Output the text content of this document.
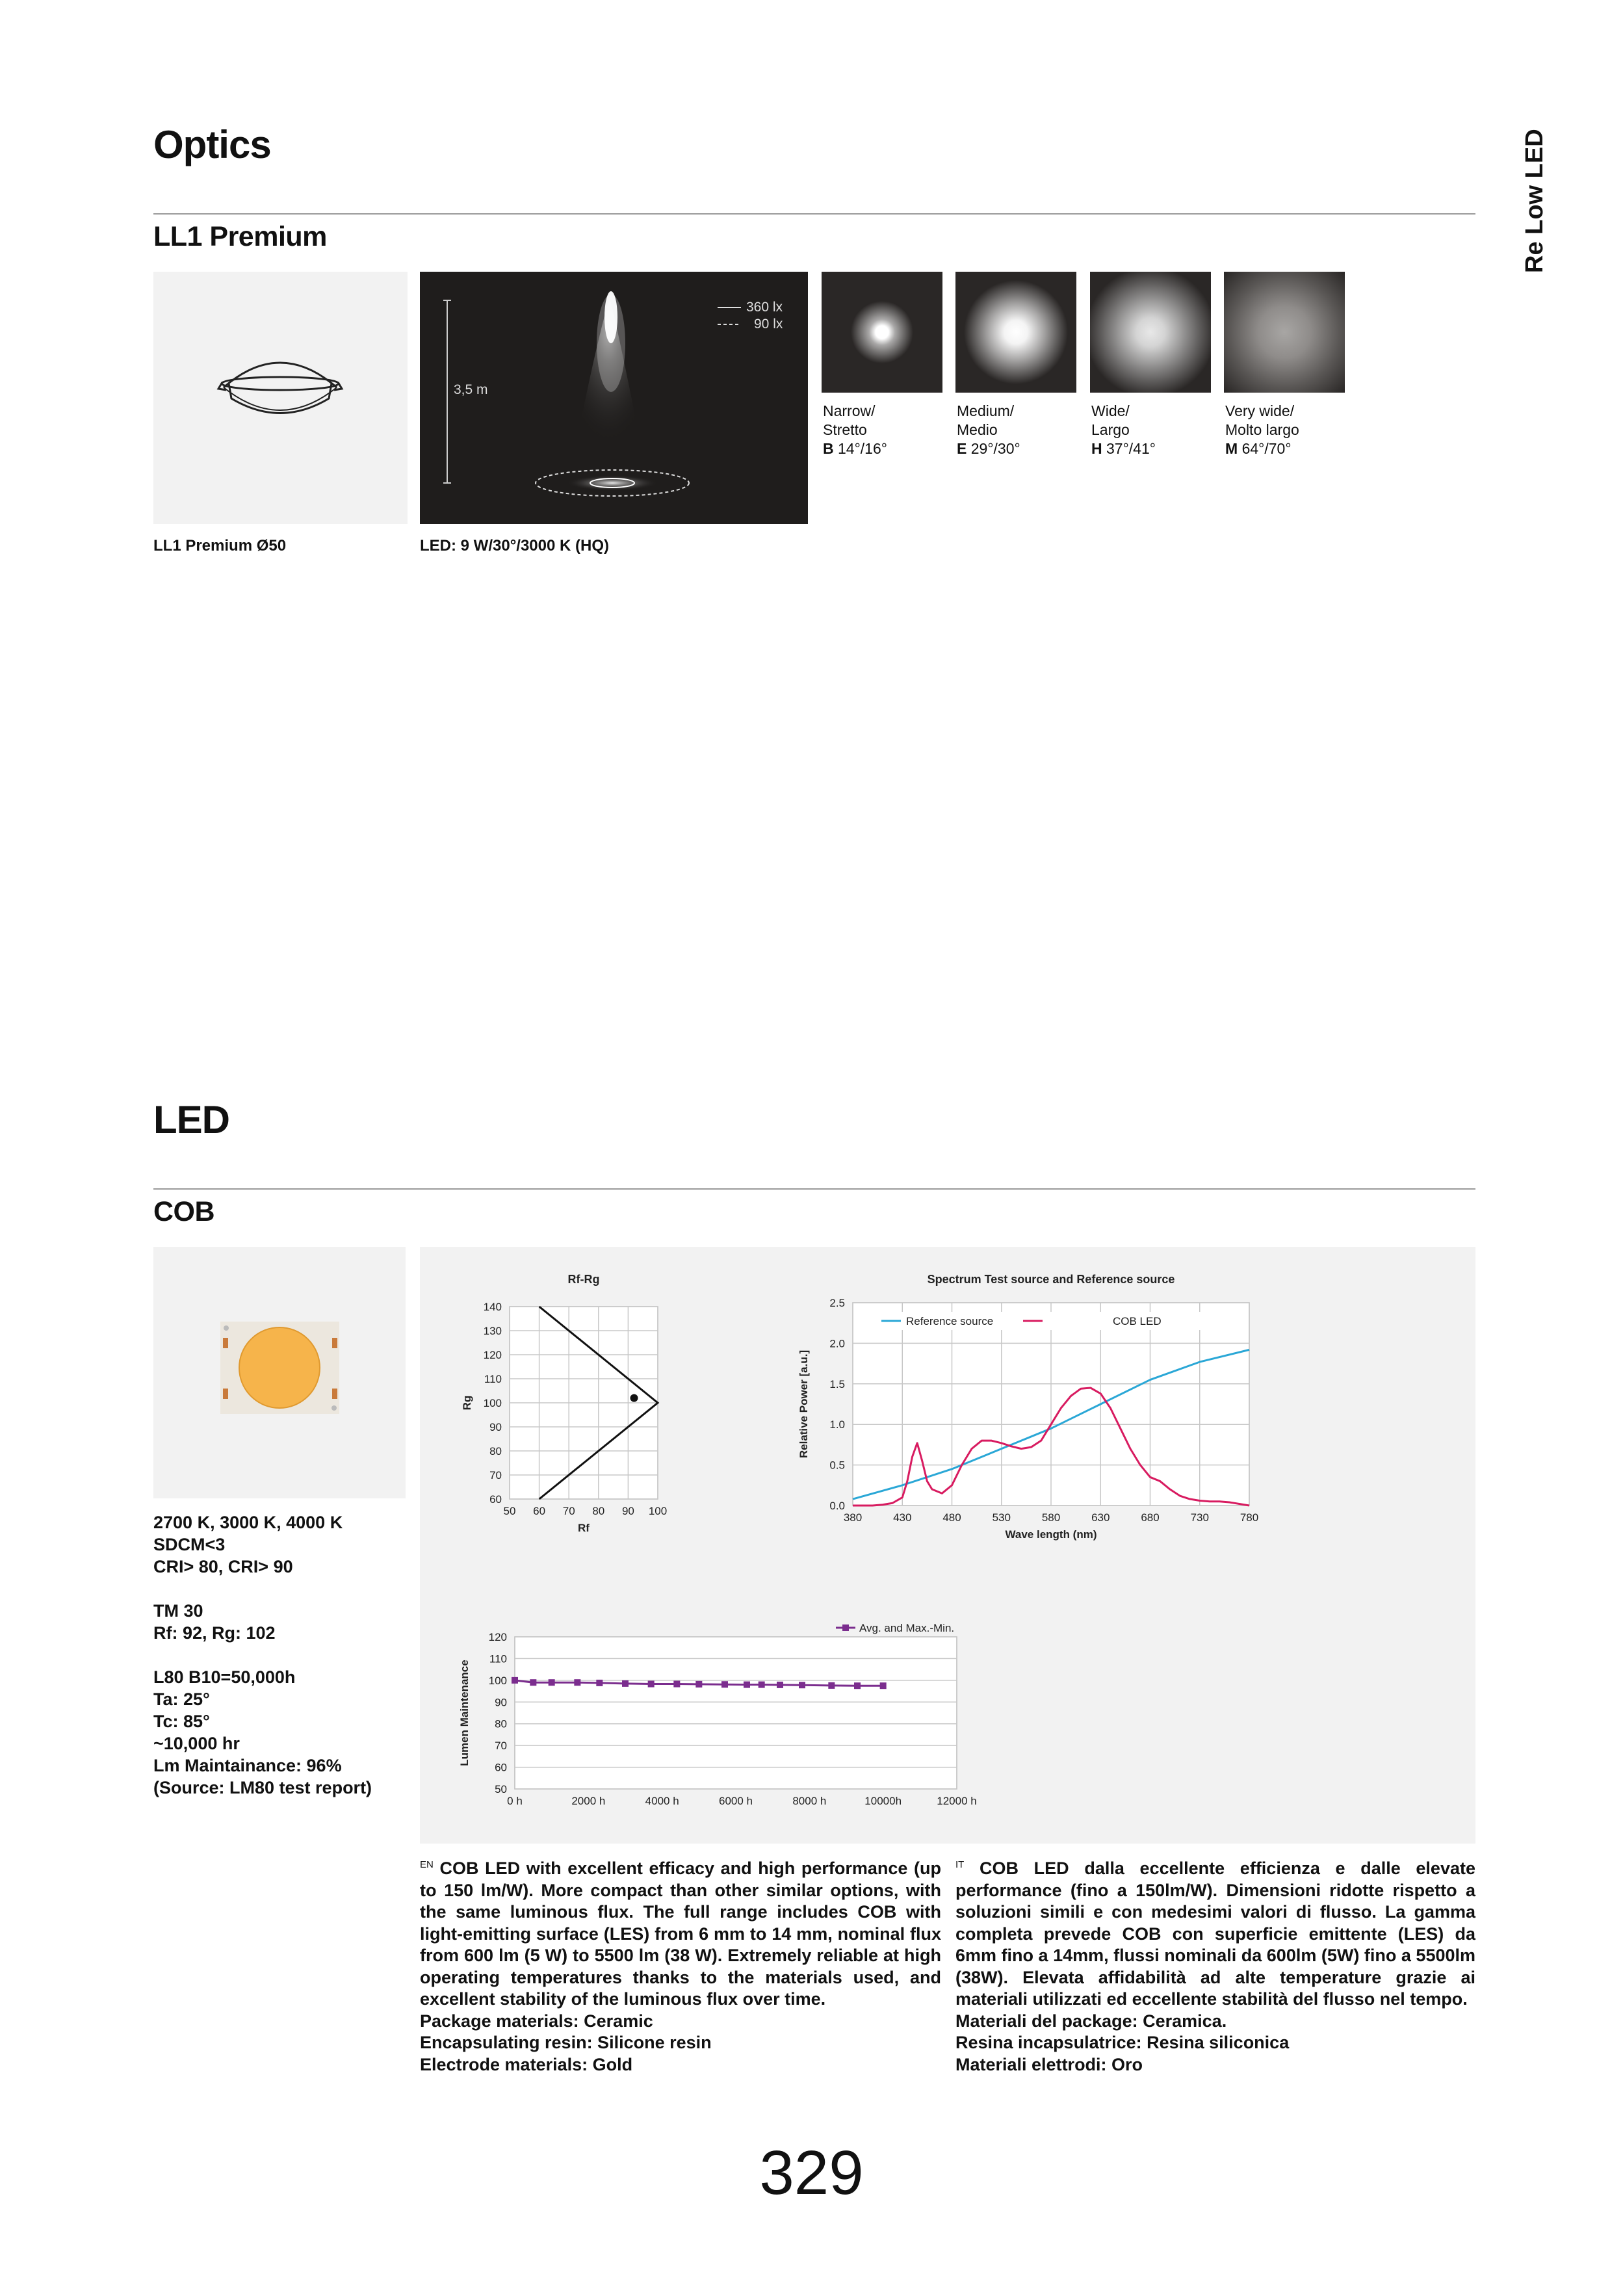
Re Low LED
Optics
LL1 Premium
LL1 Premium Ø50
3,5 m
360 lx
90 lx
LED: 9 W/30°/3000 K (HQ)
Narrow/
Stretto
B 14°/16°
Medium/
Medio
E 29°/30°
Wide/
Largo
H 37°/41°
Very wide/
Molto largo
M 64°/70°
LED
COB
2700 K, 3000 K, 4000 K
SDCM<3
CRI> 80, CRI> 90
TM 30
Rf: 92, Rg: 102
L80 B10=50,000h
Ta: 25°
Tc: 85°
~10,000 hr
Lm Maintainance: 96%
(Source: LM80 test report)
50 60 70 80 90 100
60
70
80
90
100
110
120
130
140
Rf-Rg
Rf
Rg
380	430	480	530	580	630	680	730	780
0.0
0.5
1.0
1.5
2.0
2.5
Spectrum Test source and Reference source
Wave length (nm)
Relative Power [a.u.]
Reference source	COB LED
0 h	2000 h	4000 h	6000 h	8000 h	10000h	12000 h
50
60
70
80
90
100
110
120
Lumen Maintenance
Avg. and Max.-Min.

$^{EN}$ COB LED with excellent efficacy and high performance (up to 150 lm/W). More compact than other similar options, with the same luminous flux. The full range includes COB with light-emitting surface (LES) from 6 mm to 14 mm, nominal flux from 600 lm (5 W) to 5500 lm (38 W). Extremely reliable at high operating temperatures thanks to the materials used, and excellent stability of the luminous flux over time.

Package materials: Ceramic

Encapsulating resin: Silicone resin

Electrode materials: Gold

$^{IT}$ COB LED dalla eccellente efficienza e dalle elevate performance (fino a 150lm/W). Dimensioni ridotte rispetto a soluzioni simili e con medesimi valori di flusso. La gamma completa prevede COB con superficie emittente (LES) da 6mm fino a 14mm, flussi nominali da 600lm (5W) fino a 5500lm (38W). Elevata affidabilità ad alte temperature grazie ai materiali utilizzati ed eccellente stabilità del flusso nel tempo.

Materiali del package: Ceramica.

Resina incapsulatrice: Resina siliconica

Materiali elettrodi: Oro

329
